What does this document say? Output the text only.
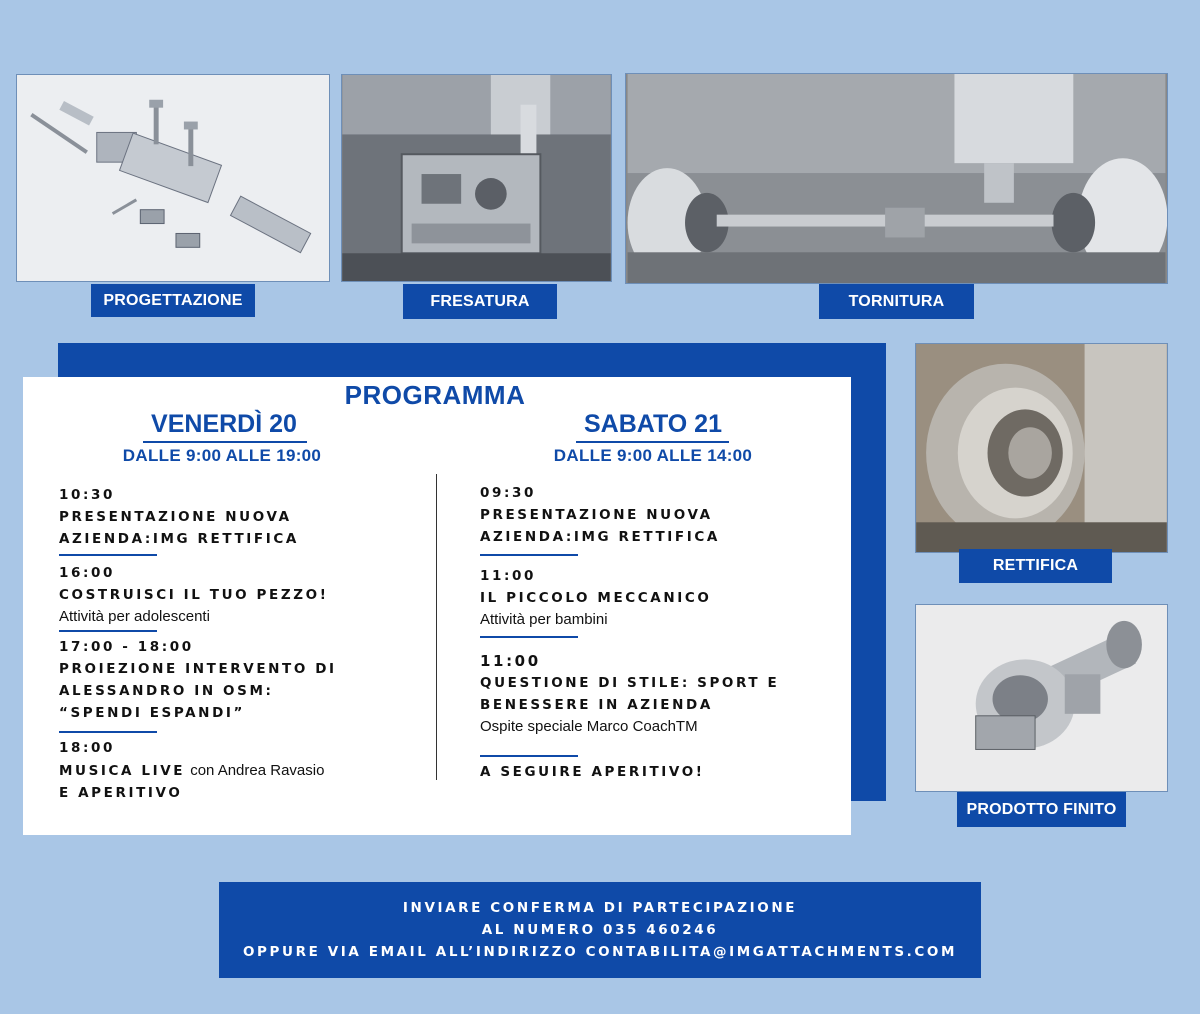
PROGETTAZIONE	FRESATURA	TORNITURA
RETTIFICA
PRODOTTO FINITO
PROGRAMMA
VENERDÌ 20
DALLE 9:00 ALLE 19:00
SABATO 21
DALLE 9:00 ALLE 14:00
10:30
PRESENTAZIONE NUOVA
AZIENDA:IMG RETTIFICA
16:00
COSTRUISCI IL TUO PEZZO!
Attività per adolescenti
17:00 - 18:00
PROIEZIONE INTERVENTO DI
ALESSANDRO IN OSM:
“SPENDI ESPANDI”
18:00
MUSICA LIVE con Andrea Ravasio
E APERITIVO
09:30
PRESENTAZIONE NUOVA
AZIENDA:IMG RETTIFICA
11:00
IL PICCOLO MECCANICO
Attività per bambini
11:00
QUESTIONE DI STILE: SPORT E
BENESSERE IN AZIENDA
Ospite speciale Marco CoachTM
A SEGUIRE APERITIVO!
INVIARE CONFERMA DI PARTECIPAZIONE
AL NUMERO 035 460246
OPPURE VIA EMAIL ALL’INDIRIZZO CONTABILITA@IMGATTACHMENTS.COM
